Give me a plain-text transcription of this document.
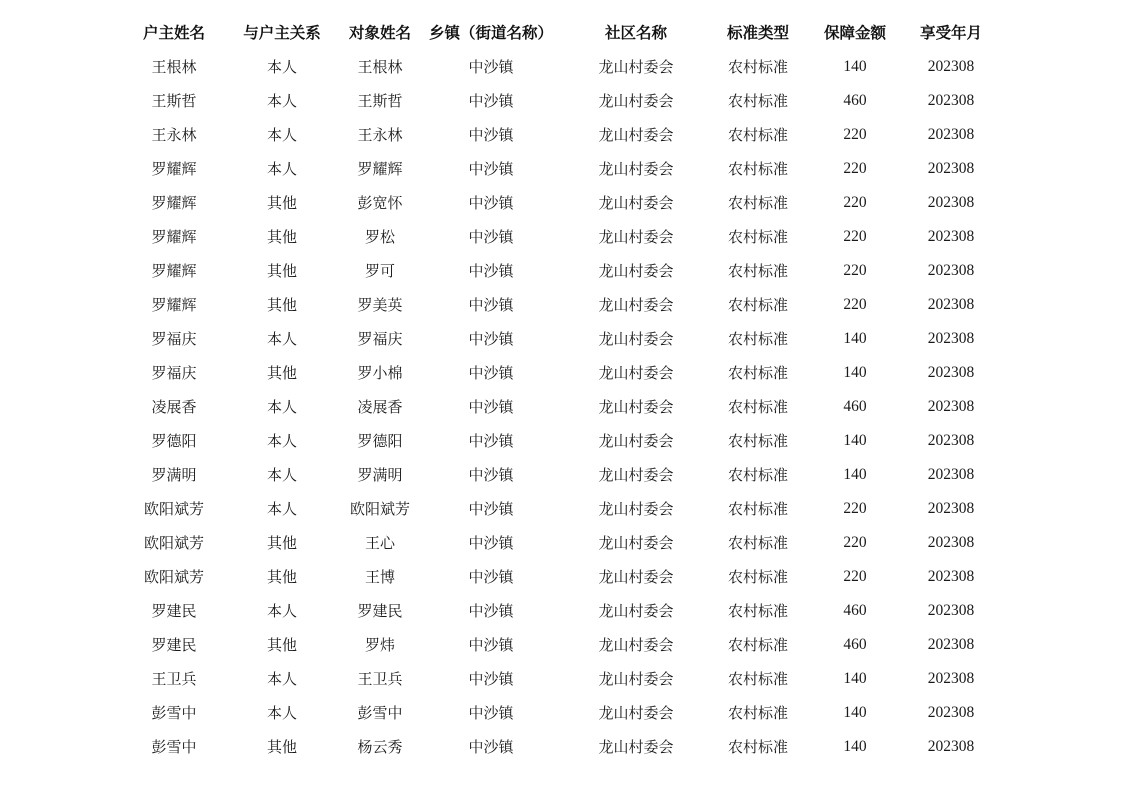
户主姓名	与户主关系	对象姓名	乡镇（街道名称）	社区名称	标准类型	保障金额	享受年月
王根林	本人	王根林	中沙镇	龙山村委会	农村标准	140	202308
王斯哲	本人	王斯哲	中沙镇	龙山村委会	农村标准	460	202308
王永林	本人	王永林	中沙镇	龙山村委会	农村标准	220	202308
罗耀辉	本人	罗耀辉	中沙镇	龙山村委会	农村标准	220	202308
罗耀辉	其他	彭宽怀	中沙镇	龙山村委会	农村标准	220	202308
罗耀辉	其他	罗松	中沙镇	龙山村委会	农村标准	220	202308
罗耀辉	其他	罗可	中沙镇	龙山村委会	农村标准	220	202308
罗耀辉	其他	罗美英	中沙镇	龙山村委会	农村标准	220	202308
罗福庆	本人	罗福庆	中沙镇	龙山村委会	农村标准	140	202308
罗福庆	其他	罗小棉	中沙镇	龙山村委会	农村标准	140	202308
凌展香	本人	凌展香	中沙镇	龙山村委会	农村标准	460	202308
罗德阳	本人	罗德阳	中沙镇	龙山村委会	农村标准	140	202308
罗满明	本人	罗满明	中沙镇	龙山村委会	农村标准	140	202308
欧阳斌芳	本人	欧阳斌芳	中沙镇	龙山村委会	农村标准	220	202308
欧阳斌芳	其他	王心	中沙镇	龙山村委会	农村标准	220	202308
欧阳斌芳	其他	王博	中沙镇	龙山村委会	农村标准	220	202308
罗建民	本人	罗建民	中沙镇	龙山村委会	农村标准	460	202308
罗建民	其他	罗炜	中沙镇	龙山村委会	农村标准	460	202308
王卫兵	本人	王卫兵	中沙镇	龙山村委会	农村标准	140	202308
彭雪中	本人	彭雪中	中沙镇	龙山村委会	农村标准	140	202308
彭雪中	其他	杨云秀	中沙镇	龙山村委会	农村标准	140	202308
